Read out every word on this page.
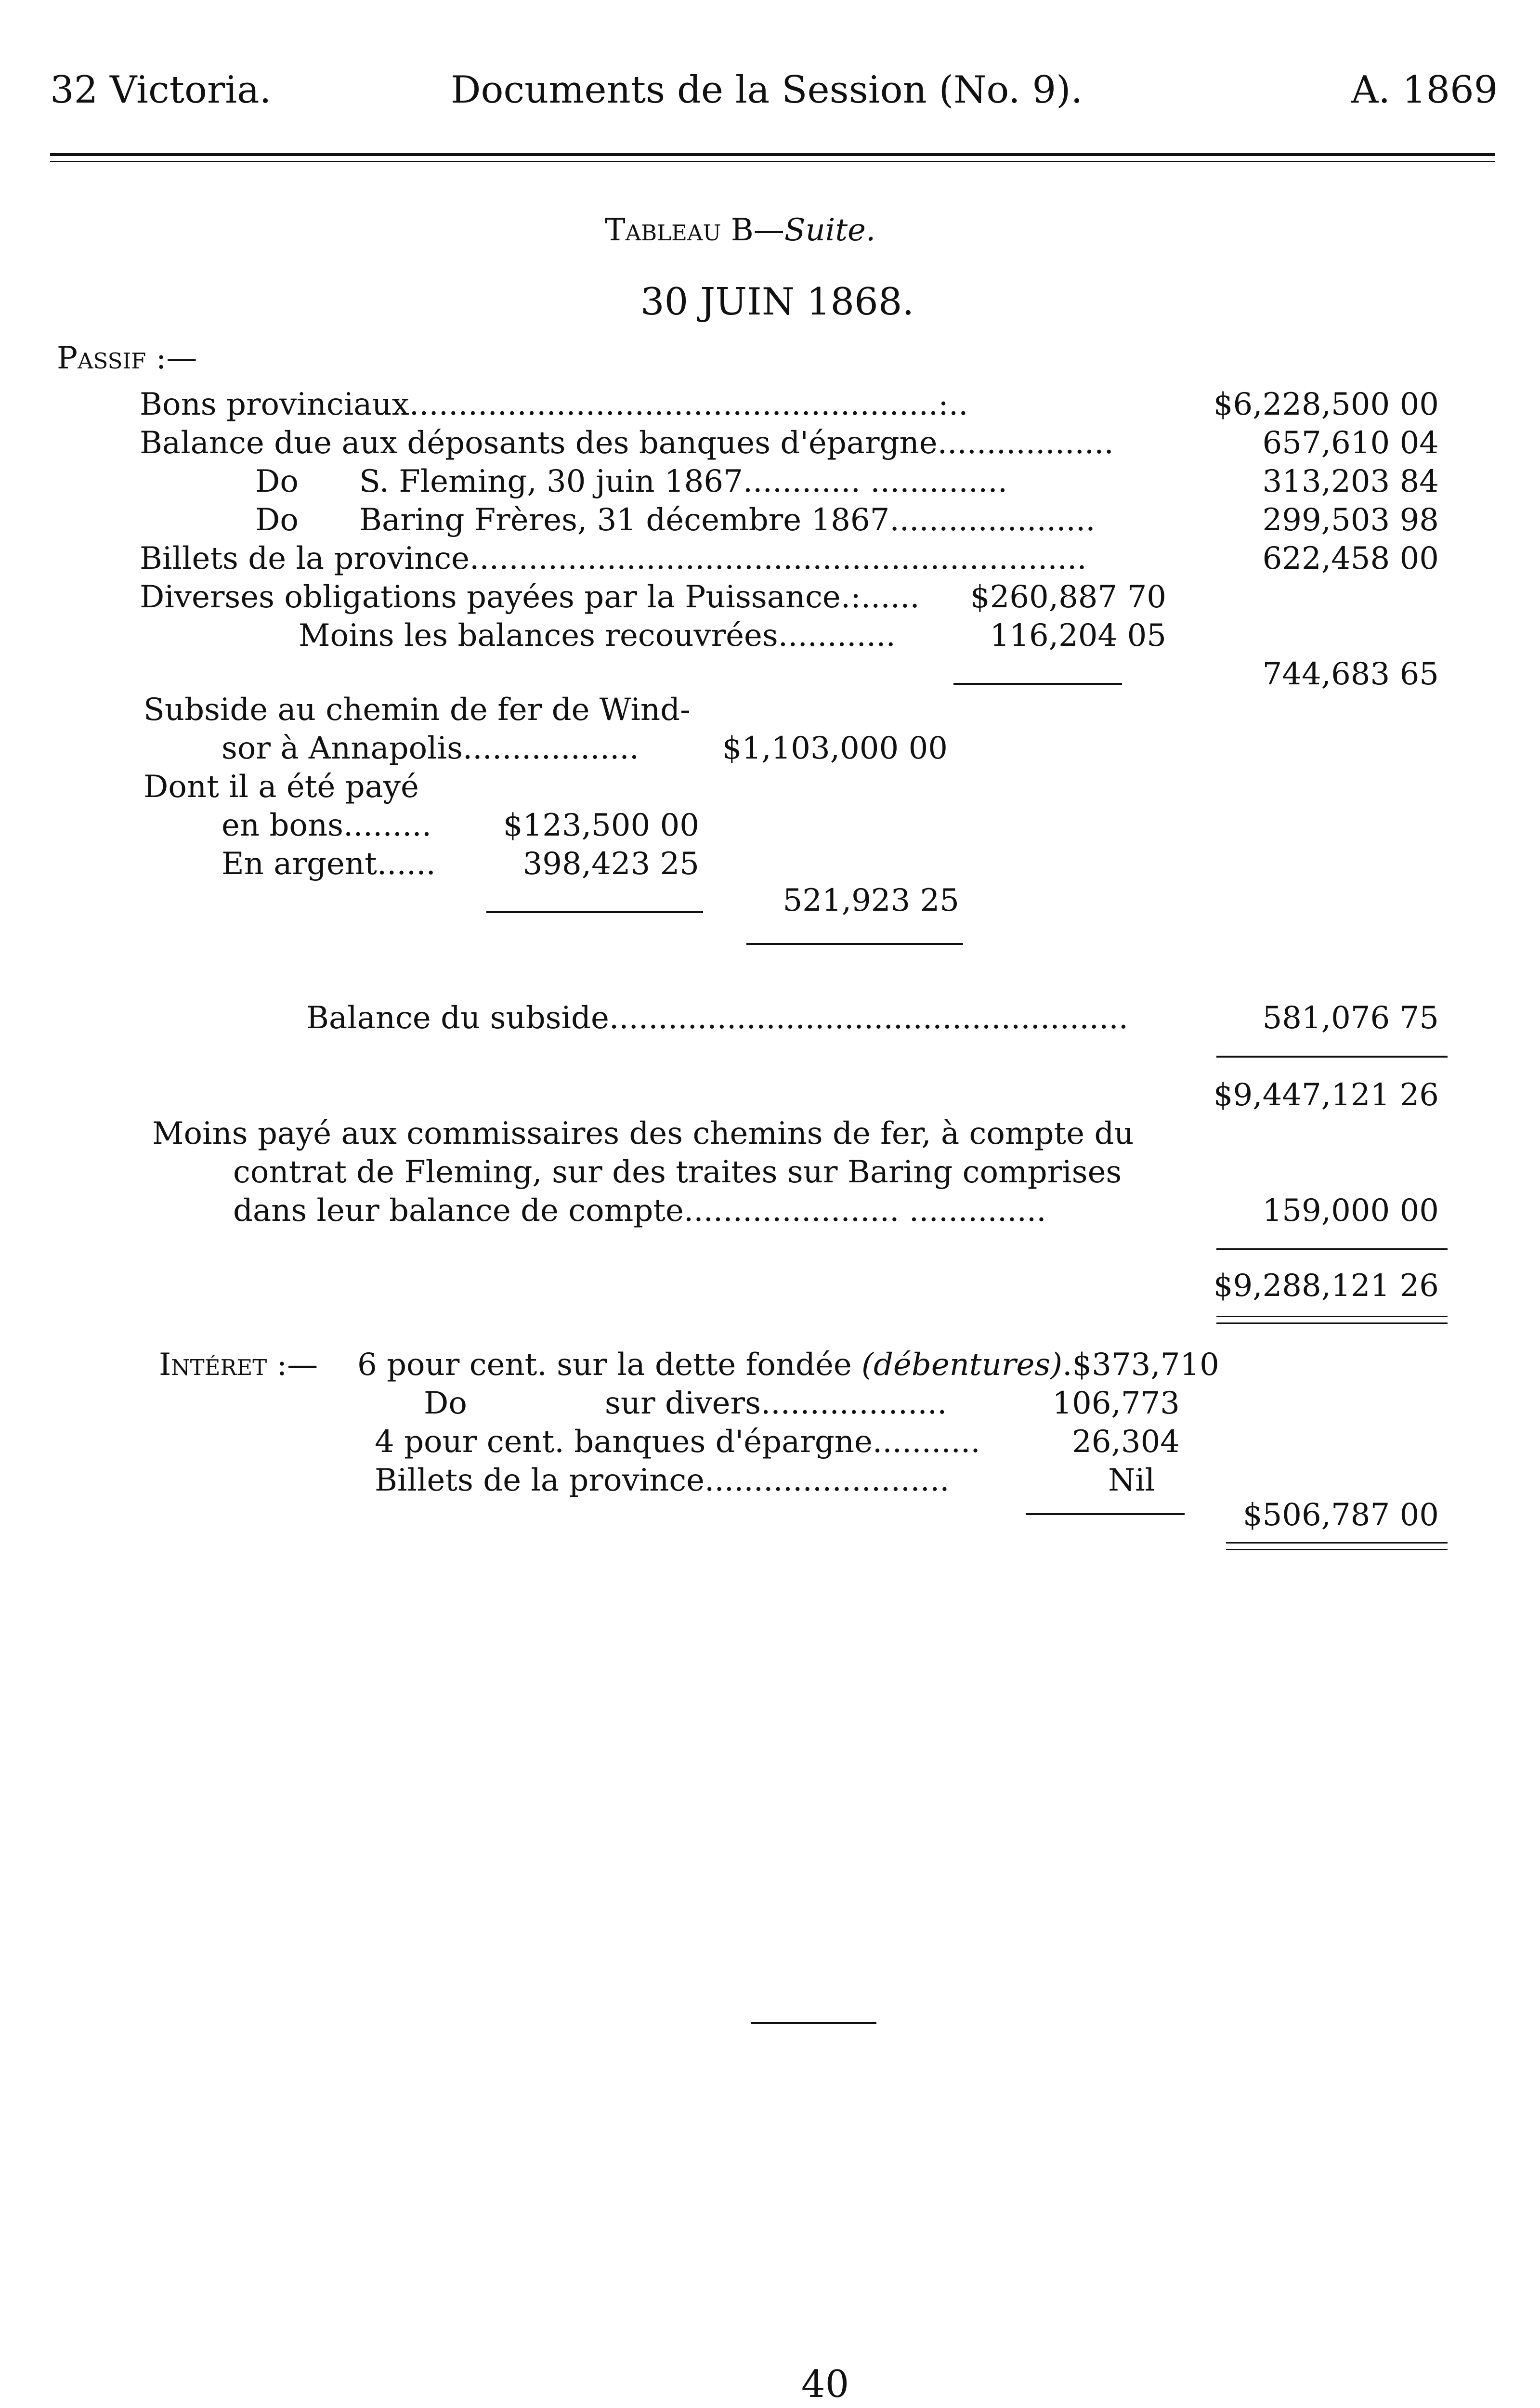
32 Victoria.	Documents de la Session (No. 9).	A. 1869
Tableau B—Suite.
30 JUIN 1868.
Passif :—
Bons provinciaux......................................................:..	$6,228,500 00
Balance due aux déposants des banques d'épargne..................	657,610 04
Do S. Fleming, 30 juin 1867............ ..............	313,203 84
Do Baring Frères, 31 décembre 1867.....................	299,503 98
Billets de la province...............................................................	622,458 00
Diverses obligations payées par la Puissance.:...... $260,887 70
Moins les balances recouvrées............	116,204 05
744,683 65
Subside au chemin de fer de Wind-
sor à Annapolis..................	$1,103,000 00
Dont il a été payé
en bons......... $123,500 00
En argent......	398,423 25
521,923 25
Balance du subside.....................................................	581,076 75
$9,447,121 26
Moins payé aux commissaires des chemins de fer, à compte du
contrat de Fleming, sur des traites sur Baring comprises
dans leur balance de compte...................... ..............	159,000 00
$9,288,121 26
Intéret :— 6 pour cent. sur la dette fondée (débentures).$373,710
Do	sur divers...................	106,773
4 pour cent. banques d'épargne...........	26,304
Billets de la province.........................	Nil
$506,787 00
40
